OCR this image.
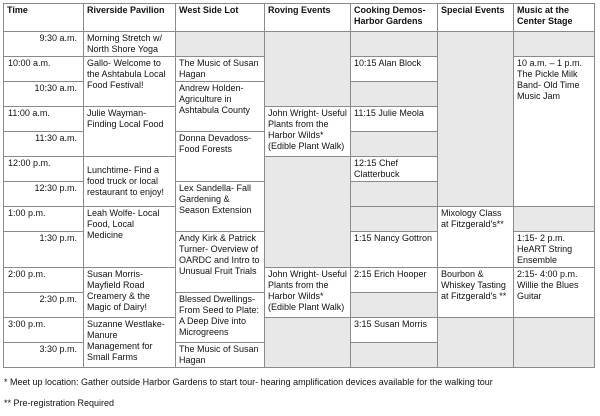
Time	Riverside Pavilion	West Side Lot	Roving Events	Cooking Demos-Harbor Gardens	Special Events	Music at the Center Stage
9:30 a.m.	Morning Stretch w/ North Shore Yoga					
10:00 a.m.	Gallo- Welcome to the Ashtabula Local Food Festival!	The Music of Susan Hagan		10:15 Alan Block		10 a.m. – 1 p.m. The Pickle Milk Band- Old Time Music Jam
10:30 a.m.		Andrew Holden- Agriculture in Ashtabula County				
11:00 a.m.	Julie Wayman- Finding Local Food		John Wright- Useful Plants from the Harbor Wilds* (Edible Plant Walk)	11:15 Julie Meola		
11:30 a.m.		Donna Devadoss- Food Forests				
12:00 p.m.	Lunchtime- Find a food truck or local restaurant to enjoy!			12:15 Chef Clatterbuck		
12:30 p.m.		Lex Sandella- Fall Gardening & Season Extension				
1:00 p.m.	Leah Wolfe- Local Food, Local Medicine				Mixology Class at Fitzgerald's**	
1:30 p.m.		Andy Kirk & Patrick Turner- Overview of OARDC and Intro to Unusual Fruit Trials		1:15 Nancy Gottron		1:15- 2 p.m. HeART String Ensemble
2:00 p.m.	Susan Morris- Mayfield Road Creamery & the Magic of Dairy!		John Wright- Useful Plants from the Harbor Wilds* (Edible Plant Walk)	2:15 Erich Hooper	Bourbon & Whiskey Tasting at Fitzgerald's **	2:15- 4:00 p.m. Willie the Blues Guitar
2:30 p.m.		Blessed Dwellings- From Seed to Plate: A Deep Dive into Microgreens				
3:00 p.m.	Suzanne Westlake- Manure Management for Small Farms			3:15 Susan Morris		
3:30 p.m.		The Music of Susan Hagan				
* Meet up location: Gather outside Harbor Gardens to start tour- hearing amplification devices available for the walking tour
** Pre-registration Required
